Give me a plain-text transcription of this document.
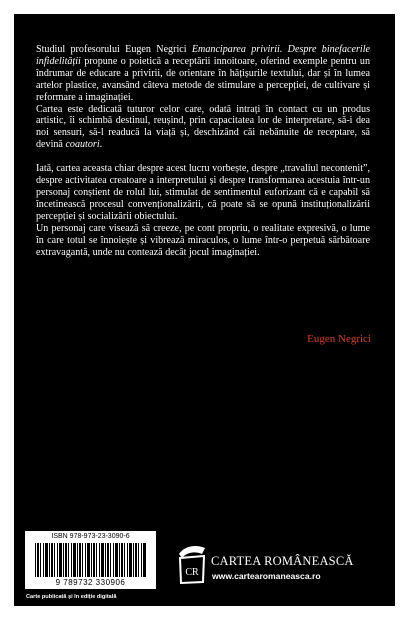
Studiul profesorului Eugen Negrici Emanciparea privirii. Despre binefacerile infidelității propune o poietică a receptării innoitoare, oferind exemple pentru un îndrumar de educare a privirii, de orientare în hățișurile textului, dar și în lumea artelor plastice, avansând câteva metode de stimulare a percepției, de cultivare și reformare a imaginației.

Cartea este dedicată tuturor celor care, odată intrați în contact cu un produs artistic, îi schimbă destinul, reușind, prin capacitatea lor de interpretare, să-i dea noi sensuri, să-l readucă la viață și, deschizând căi nebănuite de receptare, să devină coautori.

Iată, cartea aceasta chiar despre acest lucru vorbește, despre „travaliul necontenit”, despre activitatea creatoare a interpretului și despre transformarea acestuia într-un personaj conștient de rolul lui, stimulat de sentimentul euforizant că e capabil să încetinească procesul convenționalizării, că poate să se opună instituționalizării percepției și socializării obiectului.

Un personaj care visează să creeze, pe cont propriu, o realitate expresivă, o lume în care totul se înnoiește și vibrează miraculos, o lume într-o perpetuă sărbătoare extravagantă, unde nu contează decât jocul imaginației.

Eugen Negrici
ISBN 978-973-23-3090-6
9 789732 330906
Carte publicată și în ediție digitală
CR
CARTEA ROMÂNEASCĂ
www.cartearomaneasca.ro
